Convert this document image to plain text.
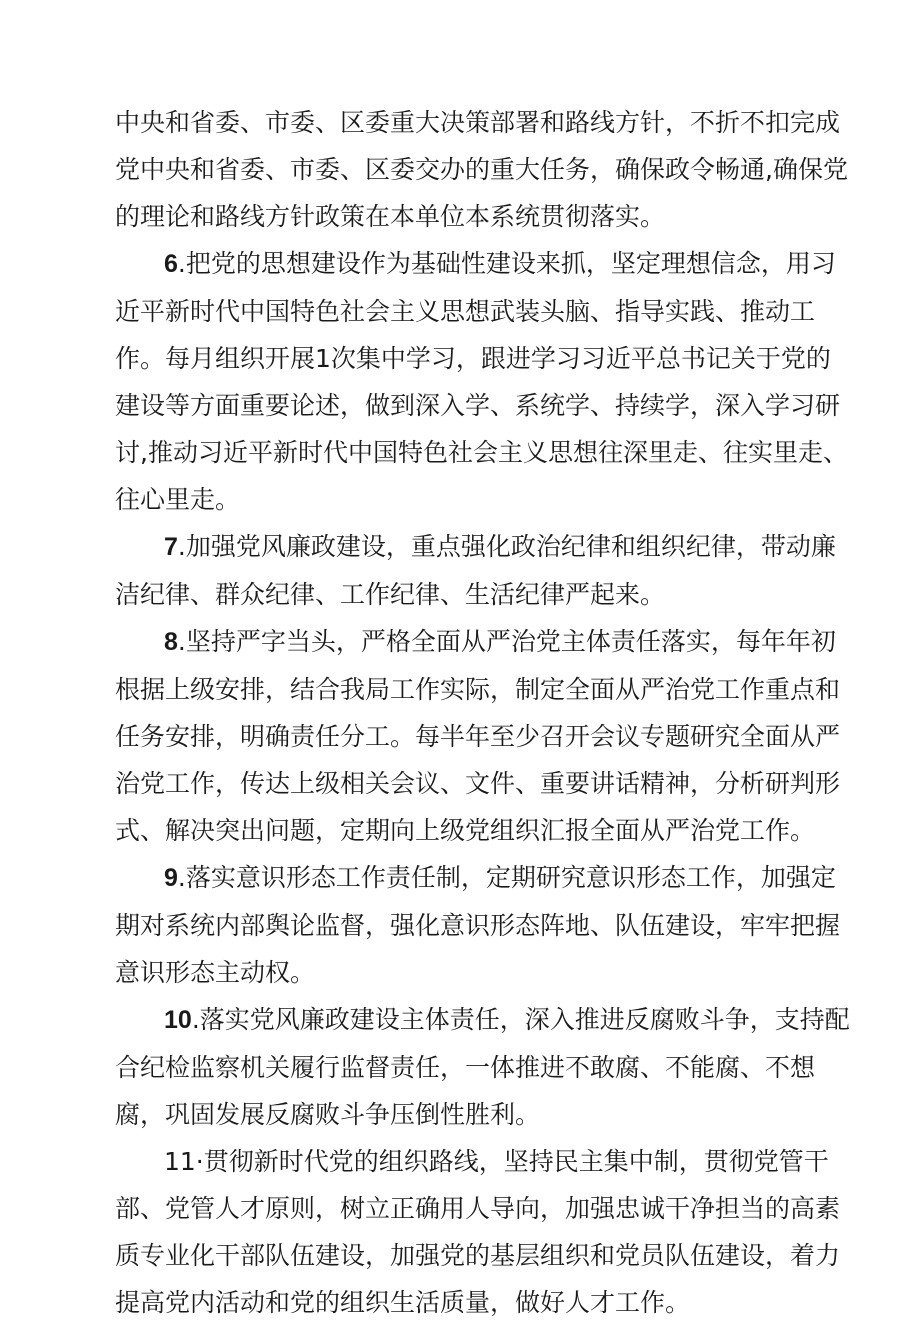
中央和省委、市委、区委重大决策部署和路线方针，不折不扣完成党中央和省委、市委、区委交办的重大任务，确保政令畅通,确保党的理论和路线方针政策在本单位本系统贯彻落实。

6.把党的思想建设作为基础性建设来抓，坚定理想信念，用习近平新时代中国特色社会主义思想武装头脑、指导实践、推动工作。每月组织开展1次集中学习，跟进学习习近平总书记关于党的建设等方面重要论述，做到深入学、系统学、持续学，深入学习研讨,推动习近平新时代中国特色社会主义思想往深里走、往实里走、往心里走。

7.加强党风廉政建设，重点强化政治纪律和组织纪律，带动廉洁纪律、群众纪律、工作纪律、生活纪律严起来。

8.坚持严字当头，严格全面从严治党主体责任落实，每年年初根据上级安排，结合我局工作实际，制定全面从严治党工作重点和任务安排，明确责任分工。每半年至少召开会议专题研究全面从严治党工作，传达上级相关会议、文件、重要讲话精神，分析研判形式、解决突出问题，定期向上级党组织汇报全面从严治党工作。

9.落实意识形态工作责任制，定期研究意识形态工作，加强定期对系统内部舆论监督，强化意识形态阵地、队伍建设，牢牢把握意识形态主动权。

10.落实党风廉政建设主体责任，深入推进反腐败斗争，支持配合纪检监察机关履行监督责任，一体推进不敢腐、不能腐、不想腐，巩固发展反腐败斗争压倒性胜利。

11·贯彻新时代党的组织路线，坚持民主集中制，贯彻党管干部、党管人才原则，树立正确用人导向，加强忠诚干净担当的高素质专业化干部队伍建设，加强党的基层组织和党员队伍建设，着力提高党内活动和党的组织生活质量，做好人才工作。
